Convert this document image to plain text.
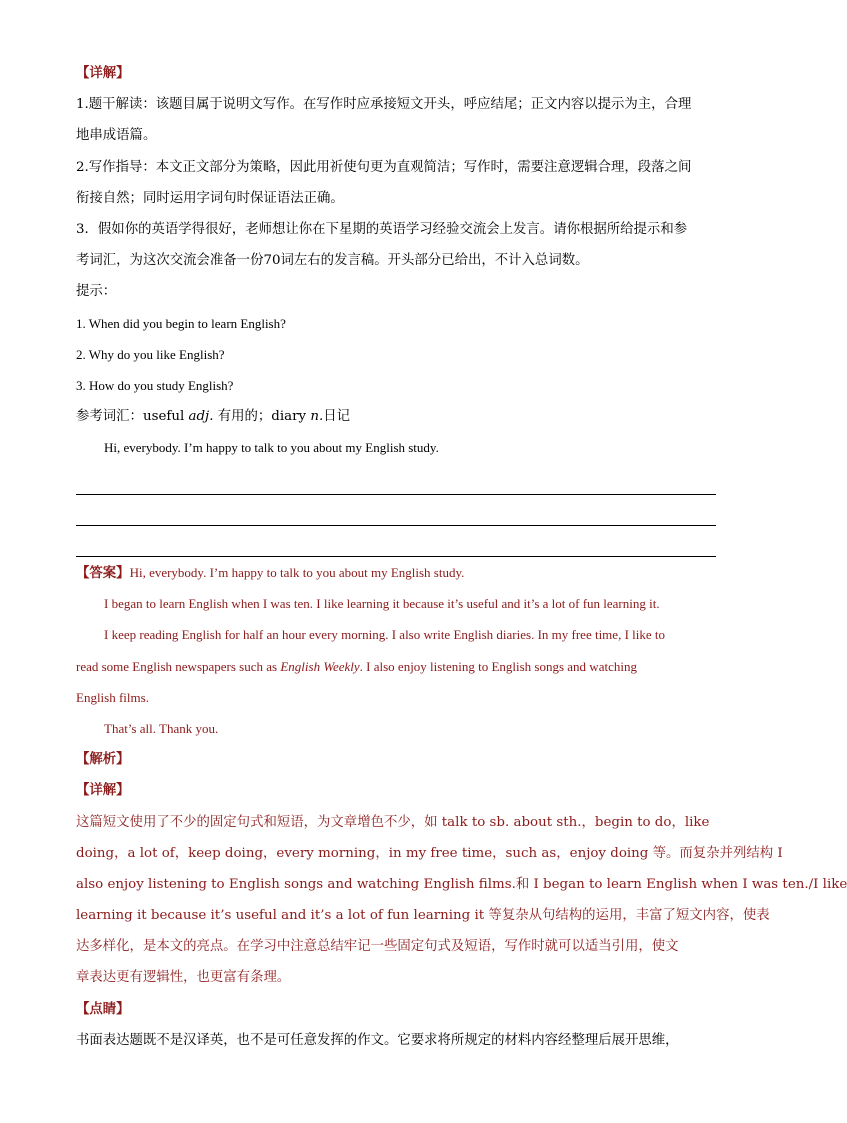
【详解】
1.题干解读：该题目属于说明文写作。在写作时应承接短文开头，呼应结尾；正文内容以提示为主，合理
地串成语篇。
2.写作指导：本文正文部分为策略，因此用祈使句更为直观简洁；写作时，需要注意逻辑合理，段落之间
衔接自然；同时运用字词句时保证语法正确。
3．假如你的英语学得很好，老师想让你在下星期的英语学习经验交流会上发言。请你根据所给提示和参
考词汇，为这次交流会准备一份70词左右的发言稿。开头部分已给出，不计入总词数。
提示：
1. When did you begin to learn English?
2. Why do you like English?
3. How do you study English?
参考词汇：useful adj. 有用的；diary n.日记
Hi, everybody. I’m happy to talk to you about my English study.
【答案】Hi, everybody. I’m happy to talk to you about my English study.
I began to learn English when I was ten. I like learning it because it’s useful and it’s a lot of fun learning it.
I keep reading English for half an hour every morning. I also write English diaries. In my free time, I like to
read some English newspapers such as English Weekly. I also enjoy listening to English songs and watching
English films.
That’s all. Thank you.
【解析】
【详解】
这篇短文使用了不少的固定句式和短语，为文章增色不少，如 talk to sb. about sth.，begin to do，like
doing，a lot of，keep doing，every morning，in my free time，such as，enjoy doing 等。而复杂并列结构 I
also enjoy listening to English songs and watching English films.和 I began to learn English when I was ten./I like
learning it because it’s useful and it’s a lot of fun learning it 等复杂从句结构的运用，丰富了短文内容，使表
达多样化，是本文的亮点。在学习中注意总结牢记一些固定句式及短语，写作时就可以适当引用，使文
章表达更有逻辑性，也更富有条理。
【点睛】
书面表达题既不是汉译英，也不是可任意发挥的作文。它要求将所规定的材料内容经整理后展开思维，
